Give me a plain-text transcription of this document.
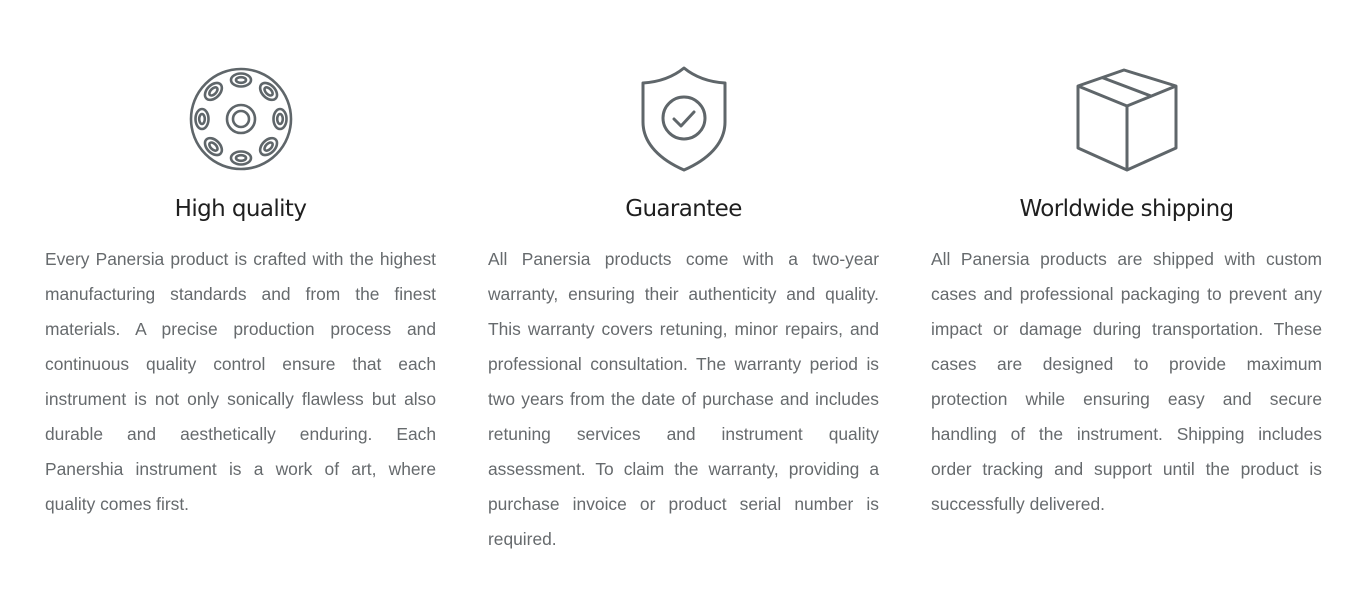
High quality

Every Panersia product is crafted with the highest manufacturing standards and from the finest materials. A precise production process and continuous quality control ensure that each instrument is not only sonically flawless but also durable and aesthetically enduring. Each Panershia instrument is a work of art, where quality comes first.

Guarantee

All Panersia products come with a two-year warranty, ensuring their authenticity and quality. This warranty covers retuning, minor repairs, and professional consultation. The warranty period is two years from the date of purchase and includes retuning services and instrument quality assessment. To claim the warranty, providing a purchase invoice or product serial number is required.

Worldwide shipping

All Panersia products are shipped with custom cases and professional packaging to prevent any impact or damage during transportation. These cases are designed to provide maximum protection while ensuring easy and secure handling of the instrument. Shipping includes order tracking and support until the product is successfully delivered.
